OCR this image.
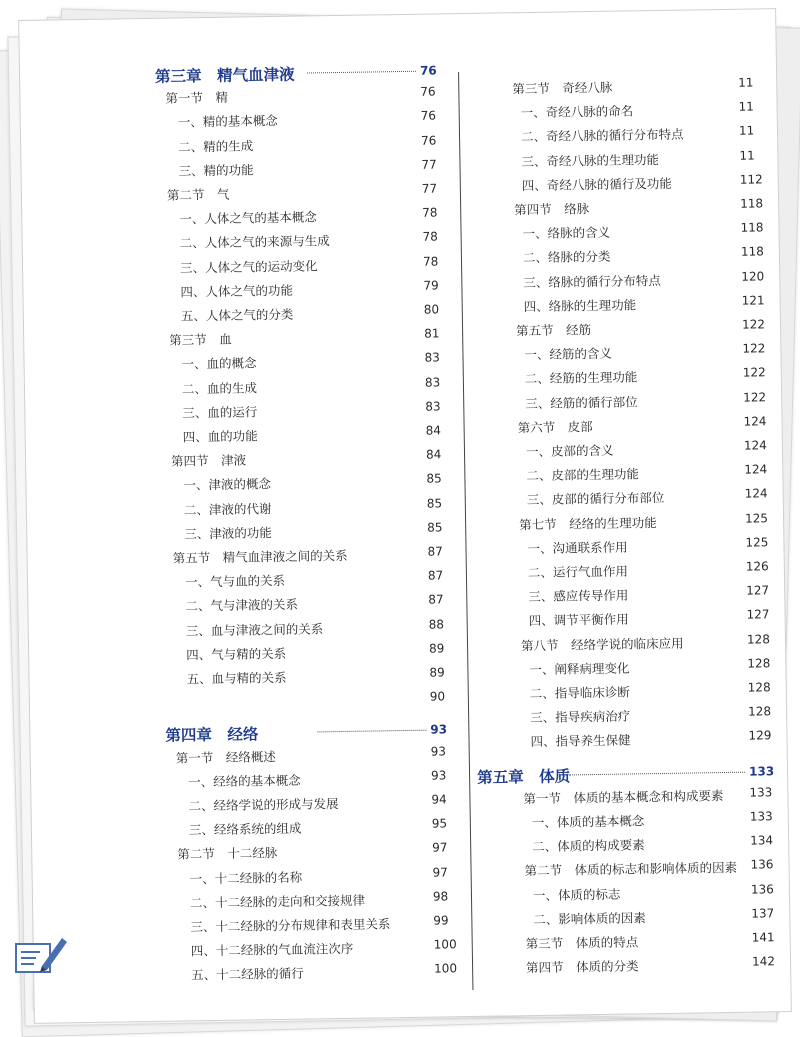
第三章　精气血津液	76
第一节　精	76
一、精的基本概念	76
二、精的生成	76
三、精的功能	77
第二节　气	77
一、人体之气的基本概念	78
二、人体之气的来源与生成	78
三、人体之气的运动变化	78
四、人体之气的功能	79
五、人体之气的分类	80
第三节　血	81
一、血的概念	83
二、血的生成	83
三、血的运行	83
四、血的功能	84
第四节　津液	84
一、津液的概念	85
二、津液的代谢	85
三、津液的功能	85
第五节　精气血津液之间的关系	87
一、气与血的关系	87
二、气与津液的关系	87
三、血与津液之间的关系	88
四、气与精的关系	89
五、血与精的关系	89
90
第四章　经络	93
第一节　经络概述	93
一、经络的基本概念	93
二、经络学说的形成与发展	94
三、经络系统的组成	95
第二节　十二经脉	97
一、十二经脉的名称	97
二、十二经脉的走向和交接规律	98
三、十二经脉的分布规律和表里关系	99
四、十二经脉的气血流注次序	100
五、十二经脉的循行	100
第三节　奇经八脉	11
一、奇经八脉的命名	11
二、奇经八脉的循行分布特点	11
三、奇经八脉的生理功能	11
四、奇经八脉的循行及功能	112
第四节　络脉	118
一、络脉的含义	118
二、络脉的分类	118
三、络脉的循行分布特点	120
四、络脉的生理功能	121
第五节　经筋	122
一、经筋的含义	122
二、经筋的生理功能	122
三、经筋的循行部位	122
第六节　皮部	124
一、皮部的含义	124
二、皮部的生理功能	124
三、皮部的循行分布部位	124
第七节　经络的生理功能	125
一、沟通联系作用	125
二、运行气血作用	126
三、感应传导作用	127
四、调节平衡作用	127
第八节　经络学说的临床应用	128
一、阐释病理变化	128
二、指导临床诊断	128
三、指导疾病治疗	128
四、指导养生保健	129
第五章　体质	133
第一节　体质的基本概念和构成要素 133
一、体质的基本概念	133
二、体质的构成要素	134
第二节　体质的标志和影响体质的因素 136
一、体质的标志	136
二、影响体质的因素	137
第三节　体质的特点	141
第四节　体质的分类	142
